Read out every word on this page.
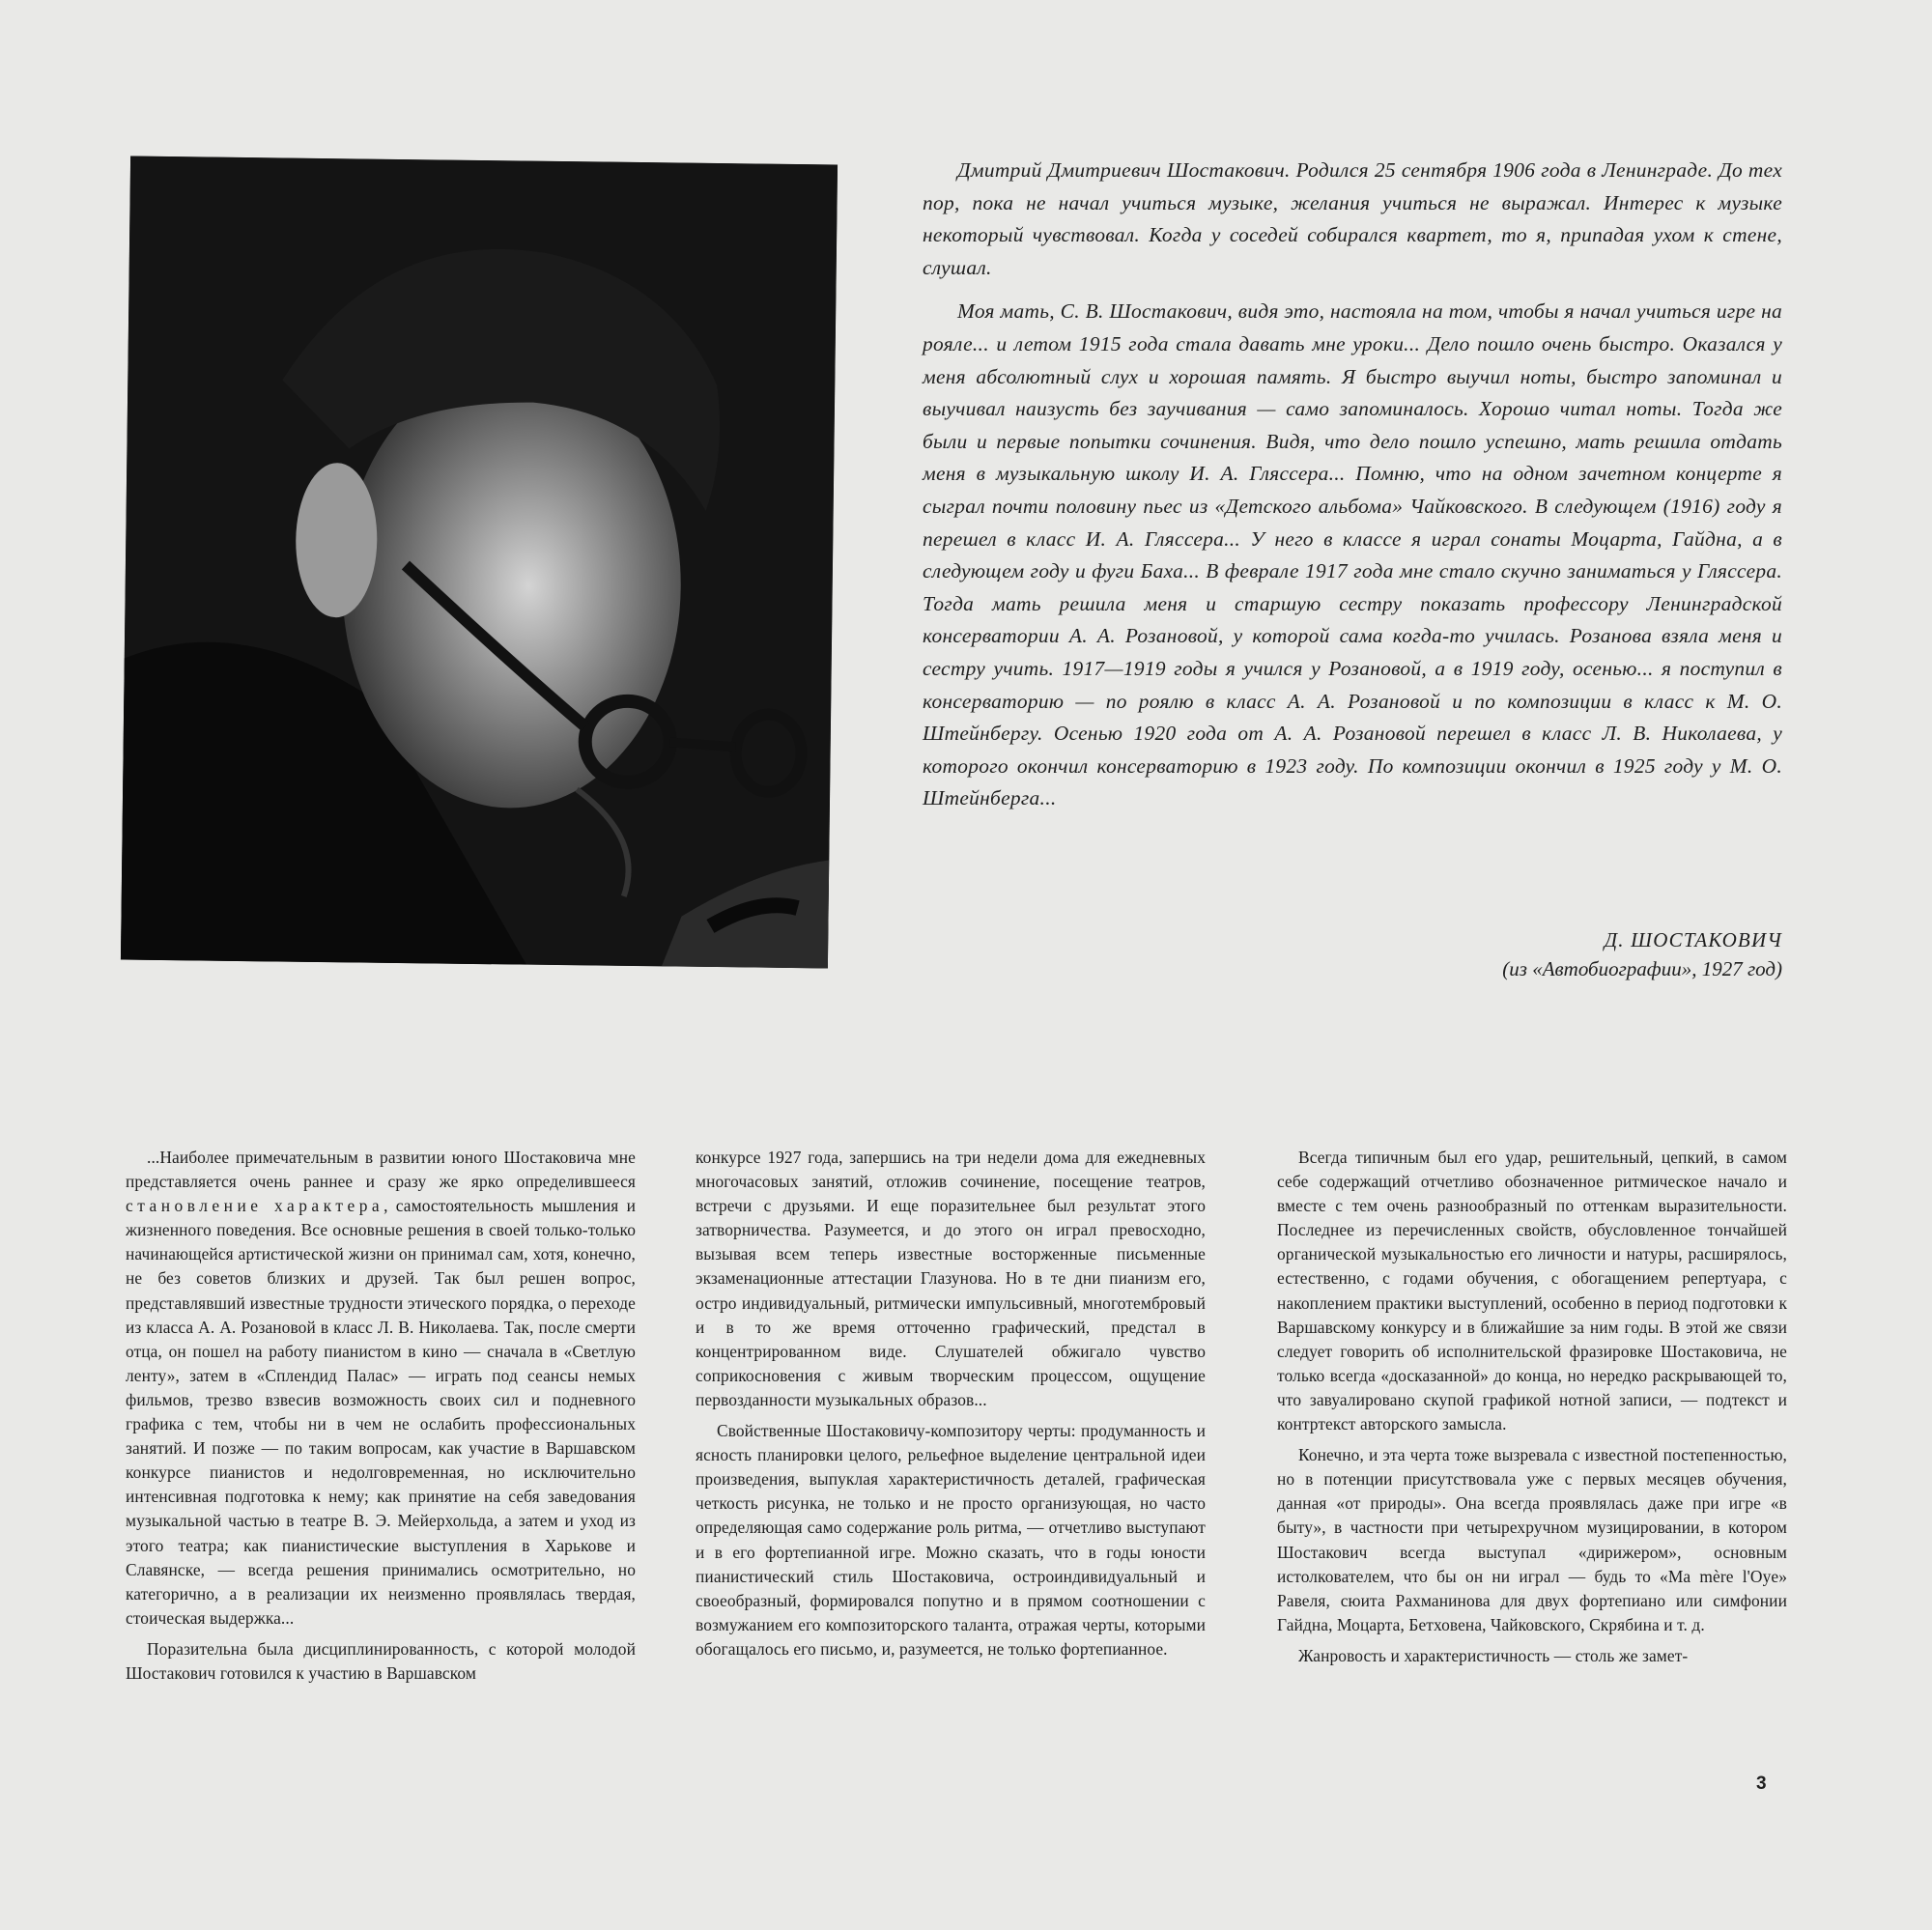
Дмитрий Дмитриевич Шостакович. Родился 25 сентября 1906 года в Ленинграде. До тех пор, пока не начал учиться музыке, желания учиться не выражал. Интерес к музыке некоторый чувствовал. Когда у соседей собирался квартет, то я, припадая ухом к стене, слушал.

Моя мать, С. В. Шостакович, видя это, настояла на том, чтобы я начал учиться игре на рояле... и летом 1915 года стала давать мне уроки... Дело пошло очень быстро. Оказался у меня абсолютный слух и хорошая память. Я быстро выучил ноты, быстро запоминал и выучивал наизусть без заучивания — само запоминалось. Хорошо читал ноты. Тогда же были и первые попытки сочинения. Видя, что дело пошло успешно, мать решила отдать меня в музыкальную школу И. А. Гляссера... Помню, что на одном зачетном концерте я сыграл почти половину пьес из «Детского альбома» Чайковского. В следующем (1916) году я перешел в класс И. А. Гляссера... У него в классе я играл сонаты Моцарта, Гайдна, а в следующем году и фуги Баха... В феврале 1917 года мне стало скучно заниматься у Гляссера. Тогда мать решила меня и старшую сестру показать профессору Ленинградской консерватории А. А. Розановой, у которой сама когда-то училась. Розанова взяла меня и сестру учить. 1917—1919 годы я учился у Розановой, а в 1919 году, осенью... я поступил в консерваторию — по роялю в класс А. А. Розановой и по композиции в класс к М. О. Штейнбергу. Осенью 1920 года от А. А. Розановой перешел в класс Л. В. Николаева, у которого окончил консерваторию в 1923 году. По композиции окончил в 1925 году у М. О. Штейнберга...

Д. ШОСТАКОВИЧ
(из «Автобиографии», 1927 год)

...Наиболее примечательным в развитии юного Шостаковича мне представляется очень раннее и сразу же ярко определившееся становление характера, самостоятельность мышления и жизненного поведения. Все основные решения в своей только-только начинающейся артистической жизни он принимал сам, хотя, конечно, не без советов близких и друзей. Так был решен вопрос, представлявший известные трудности этического порядка, о переходе из класса А. А. Розановой в класс Л. В. Николаева. Так, после смерти отца, он пошел на работу пианистом в кино — сначала в «Светлую ленту», затем в «Сплендид Палас» — играть под сеансы немых фильмов, трезво взвесив возможность своих сил и подневного графика с тем, чтобы ни в чем не ослабить профессиональных занятий. И позже — по таким вопросам, как участие в Варшавском конкурсе пианистов и недолговременная, но исключительно интенсивная подготовка к нему; как принятие на себя заведования музыкальной частью в театре В. Э. Мейерхольда, а затем и уход из этого театра; как пианистические выступления в Харькове и Славянске, — всегда решения принимались осмотрительно, но категорично, а в реализации их неизменно проявлялась твердая, стоическая выдержка...

Поразительна была дисциплинированность, с которой молодой Шостакович готовился к участию в Варшавском

конкурсе 1927 года, запершись на три недели дома для ежедневных многочасовых занятий, отложив сочинение, посещение театров, встречи с друзьями. И еще поразительнее был результат этого затворничества. Разумеется, и до этого он играл превосходно, вызывая всем теперь известные восторженные письменные экзаменационные аттестации Глазунова. Но в те дни пианизм его, остро индивидуальный, ритмически импульсивный, многотембровый и в то же время отточенно графический, предстал в концентрированном виде. Слушателей обжигало чувство соприкосновения с живым творческим процессом, ощущение первозданности музыкальных образов...

Свойственные Шостаковичу-композитору черты: продуманность и ясность планировки целого, рельефное выделение центральной идеи произведения, выпуклая характеристичность деталей, графическая четкость рисунка, не только и не просто организующая, но часто определяющая само содержание роль ритма, — отчетливо выступают и в его фортепианной игре. Можно сказать, что в годы юности пианистический стиль Шостаковича, остроиндивидуальный и своеобразный, формировался попутно и в прямом соотношении с возмужанием его композиторского таланта, отражая черты, которыми обогащалось его письмо, и, разумеется, не только фортепианное.

Всегда типичным был его удар, решительный, цепкий, в самом себе содержащий отчетливо обозначенное ритмическое начало и вместе с тем очень разнообразный по оттенкам выразительности. Последнее из перечисленных свойств, обусловленное тончайшей органической музыкальностью его личности и натуры, расширялось, естественно, с годами обучения, с обогащением репертуара, с накоплением практики выступлений, особенно в период подготовки к Варшавскому конкурсу и в ближайшие за ним годы. В этой же связи следует говорить об исполнительской фразировке Шостаковича, не только всегда «досказанной» до конца, но нередко раскрывающей то, что завуалировано скупой графикой нотной записи, — подтекст и контртекст авторского замысла.

Конечно, и эта черта тоже вызревала с известной постепенностью, но в потенции присутствовала уже с первых месяцев обучения, данная «от природы». Она всегда проявлялась даже при игре «в быту», в частности при четырехручном музицировании, в котором Шостакович всегда выступал «дирижером», основным истолкователем, что бы он ни играл — будь то «Ma mère l'Oye» Равеля, сюита Рахманинова для двух фортепиано или симфонии Гайдна, Моцарта, Бетховена, Чайковского, Скрябина и т. д.

Жанровость и характеристичность — столь же замет-

3
